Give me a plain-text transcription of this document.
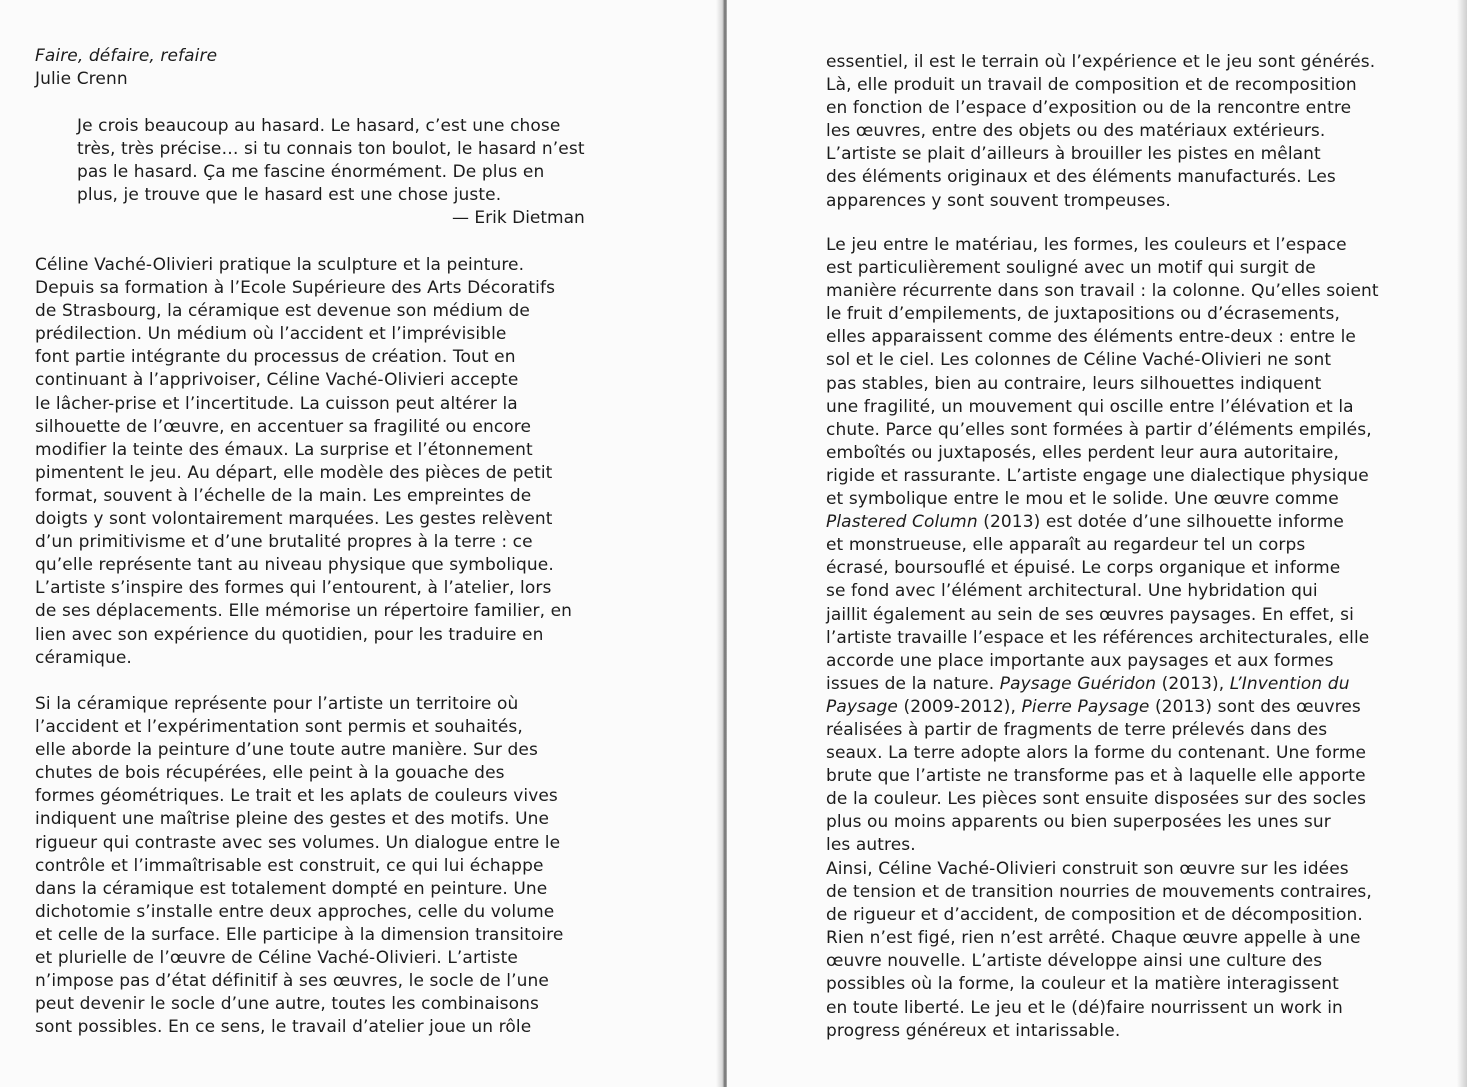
Faire, défaire, refaire
Julie Crenn
Je crois beaucoup au hasard. Le hasard, c’est une chose
très, très précise… si tu connais ton boulot, le hasard n’est
pas le hasard. Ça me fascine énormément. De plus en
plus, je trouve que le hasard est une chose juste.
— Erik Dietman
Céline Vaché-Olivieri pratique la sculpture et la peinture.
Depuis sa formation à l’Ecole Supérieure des Arts Décoratifs
de Strasbourg, la céramique est devenue son médium de
prédilection. Un médium où l’accident et l’imprévisible
font partie intégrante du processus de création. Tout en
continuant à l’apprivoiser, Céline Vaché-Olivieri accepte
le lâcher-prise et l’incertitude. La cuisson peut altérer la
silhouette de l’œuvre, en accentuer sa fragilité ou encore
modifier la teinte des émaux. La surprise et l’étonnement
pimentent le jeu. Au départ, elle modèle des pièces de petit
format, souvent à l’échelle de la main. Les empreintes de
doigts y sont volontairement marquées. Les gestes relèvent
d’un primitivisme et d’une brutalité propres à la terre : ce
qu’elle représente tant au niveau physique que symbolique.
L’artiste s’inspire des formes qui l’entourent, à l’atelier, lors
de ses déplacements. Elle mémorise un répertoire familier, en
lien avec son expérience du quotidien, pour les traduire en
céramique.
Si la céramique représente pour l’artiste un territoire où
l’accident et l’expérimentation sont permis et souhaités,
elle aborde la peinture d’une toute autre manière. Sur des
chutes de bois récupérées, elle peint à la gouache des
formes géométriques. Le trait et les aplats de couleurs vives
indiquent une maîtrise pleine des gestes et des motifs. Une
rigueur qui contraste avec ses volumes. Un dialogue entre le
contrôle et l’immaîtrisable est construit, ce qui lui échappe
dans la céramique est totalement dompté en peinture. Une
dichotomie s’installe entre deux approches, celle du volume
et celle de la surface. Elle participe à la dimension transitoire
et plurielle de l’œuvre de Céline Vaché-Olivieri. L’artiste
n’impose pas d’état définitif à ses œuvres, le socle de l’une
peut devenir le socle d’une autre, toutes les combinaisons
sont possibles. En ce sens, le travail d’atelier joue un rôle
essentiel, il est le terrain où l’expérience et le jeu sont générés.
Là, elle produit un travail de composition et de recomposition
en fonction de l’espace d’exposition ou de la rencontre entre
les œuvres, entre des objets ou des matériaux extérieurs.
L’artiste se plait d’ailleurs à brouiller les pistes en mêlant
des éléments originaux et des éléments manufacturés. Les
apparences y sont souvent trompeuses.
Le jeu entre le matériau, les formes, les couleurs et l’espace
est particulièrement souligné avec un motif qui surgit de
manière récurrente dans son travail : la colonne. Qu’elles soient
le fruit d’empilements, de juxtapositions ou d’écrasements,
elles apparaissent comme des éléments entre-deux : entre le
sol et le ciel. Les colonnes de Céline Vaché-Olivieri ne sont
pas stables, bien au contraire, leurs silhouettes indiquent
une fragilité, un mouvement qui oscille entre l’élévation et la
chute. Parce qu’elles sont formées à partir d’éléments empilés,
emboîtés ou juxtaposés, elles perdent leur aura autoritaire,
rigide et rassurante. L’artiste engage une dialectique physique
et symbolique entre le mou et le solide. Une œuvre comme
Plastered Column (2013) est dotée d’une silhouette informe
et monstrueuse, elle apparaît au regardeur tel un corps
écrasé, boursouflé et épuisé. Le corps organique et informe
se fond avec l’élément architectural. Une hybridation qui
jaillit également au sein de ses œuvres paysages. En effet, si
l’artiste travaille l’espace et les références architecturales, elle
accorde une place importante aux paysages et aux formes
issues de la nature. Paysage Guéridon (2013), L’Invention du
Paysage (2009-2012), Pierre Paysage (2013) sont des œuvres
réalisées à partir de fragments de terre prélevés dans des
seaux. La terre adopte alors la forme du contenant. Une forme
brute que l’artiste ne transforme pas et à laquelle elle apporte
de la couleur. Les pièces sont ensuite disposées sur des socles
plus ou moins apparents ou bien superposées les unes sur
les autres.
Ainsi, Céline Vaché-Olivieri construit son œuvre sur les idées
de tension et de transition nourries de mouvements contraires,
de rigueur et d’accident, de composition et de décomposition.
Rien n’est figé, rien n’est arrêté. Chaque œuvre appelle à une
œuvre nouvelle. L’artiste développe ainsi une culture des
possibles où la forme, la couleur et la matière interagissent
en toute liberté. Le jeu et le (dé)faire nourrissent un work in
progress généreux et intarissable.
